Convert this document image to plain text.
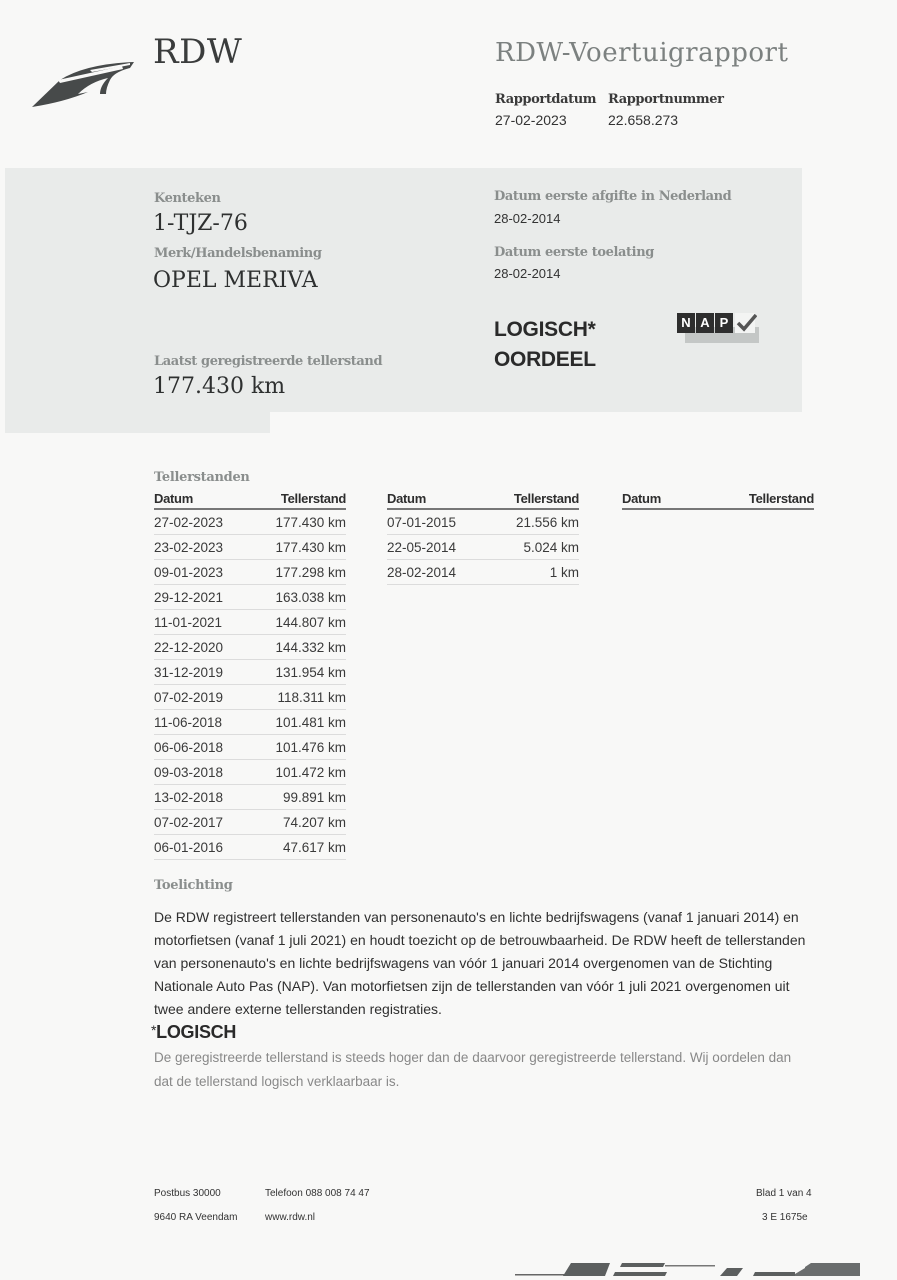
RDW	RDW-Voertuigrapport
Rapportdatum
27-02-2023
Rapportnummer
22.658.273
Kenteken
1-TJZ-76
Merk/Handelsbenaming
OPEL MERIVA
Laatst geregistreerde tellerstand
177.430 km
Datum eerste afgifte in Nederland
28-02-2014
Datum eerste toelating
28-02-2014
LOGISCH*
OORDEEL
N A P
Tellerstanden
Datum	Tellerstand
27-02-2023	177.430 km
23-02-2023	177.430 km
09-01-2023	177.298 km
29-12-2021	163.038 km
11-01-2021	144.807 km
22-12-2020	144.332 km
31-12-2019	131.954 km
07-02-2019	118.311 km
11-06-2018	101.481 km
06-06-2018	101.476 km
09-03-2018	101.472 km
13-02-2018	99.891 km
07-02-2017	74.207 km
06-01-2016	47.617 km
Datum	Tellerstand
07-01-2015	21.556 km
22-05-2014	5.024 km
28-02-2014	1 km
Datum	Tellerstand
Toelichting
De RDW registreert tellerstanden van personenauto's en lichte bedrijfswagens (vanaf 1 januari 2014) en
motorfietsen (vanaf 1 juli 2021) en houdt toezicht op de betrouwbaarheid. De RDW heeft de tellerstanden
van personenauto's en lichte bedrijfswagens van vóór 1 januari 2014 overgenomen van de Stichting
Nationale Auto Pas (NAP). Van motorfietsen zijn de tellerstanden van vóór 1 juli 2021 overgenomen uit
twee andere externe tellerstanden registraties.
*LOGISCH
De geregistreerde tellerstand is steeds hoger dan de daarvoor geregistreerde tellerstand. Wij oordelen dan
dat de tellerstand logisch verklaarbaar is.
Postbus 30000
9640 RA Veendam
Telefoon 088 008 74 47
www.rdw.nl
Blad 1 van 4
3 E 1675e
